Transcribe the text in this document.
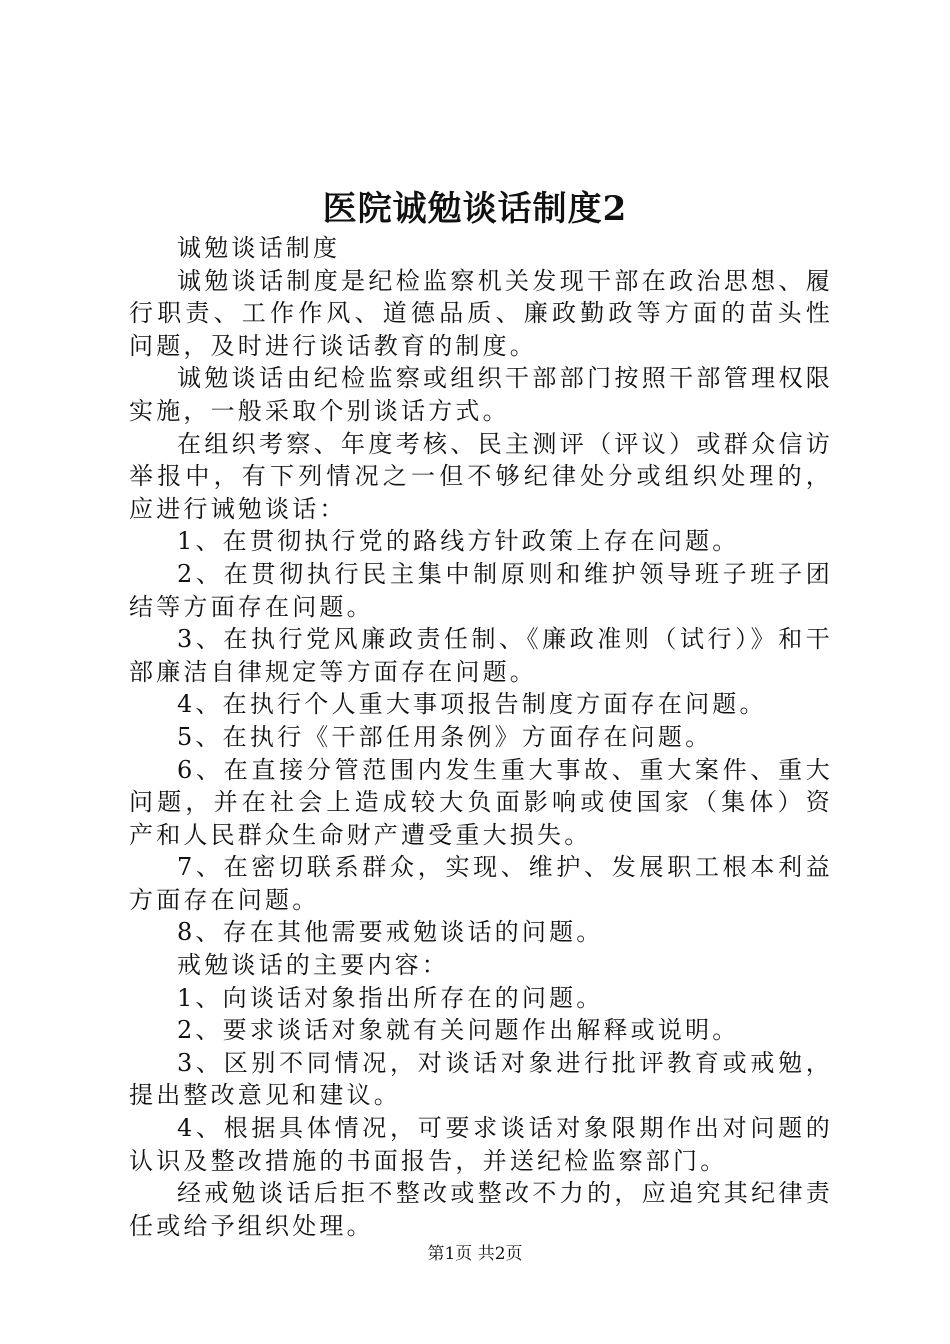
医院诚勉谈话制度2

诚勉谈话制度

诚勉谈话制度是纪检监察机关发现干部在政治思想、履行职责、工作作风、道德品质、廉政勤政等方面的苗头性问题，及时进行谈话教育的制度。

诚勉谈话由纪检监察或组织干部部门按照干部管理权限实施，一般采取个别谈话方式。

在组织考察、年度考核、民主测评（评议）或群众信访举报中，有下列情况之一但不够纪律处分或组织处理的，应进行诫勉谈话：

1、在贯彻执行党的路线方针政策上存在问题。

2、在贯彻执行民主集中制原则和维护领导班子班子团结等方面存在问题。

3、在执行党风廉政责任制、《廉政准则（试行）》和干部廉洁自律规定等方面存在问题。

4、在执行个人重大事项报告制度方面存在问题。

5、在执行《干部任用条例》方面存在问题。

6、在直接分管范围内发生重大事故、重大案件、重大问题，并在社会上造成较大负面影响或使国家（集体）资产和人民群众生命财产遭受重大损失。

7、在密切联系群众，实现、维护、发展职工根本利益方面存在问题。

8、存在其他需要戒勉谈话的问题。

戒勉谈话的主要内容：

1、向谈话对象指出所存在的问题。

2、要求谈话对象就有关问题作出解释或说明。

3、区别不同情况，对谈话对象进行批评教育或戒勉，提出整改意见和建议。

4、根据具体情况，可要求谈话对象限期作出对问题的认识及整改措施的书面报告，并送纪检监察部门。

经戒勉谈话后拒不整改或整改不力的，应追究其纪律责任或给予组织处理。

第1页 共2页
